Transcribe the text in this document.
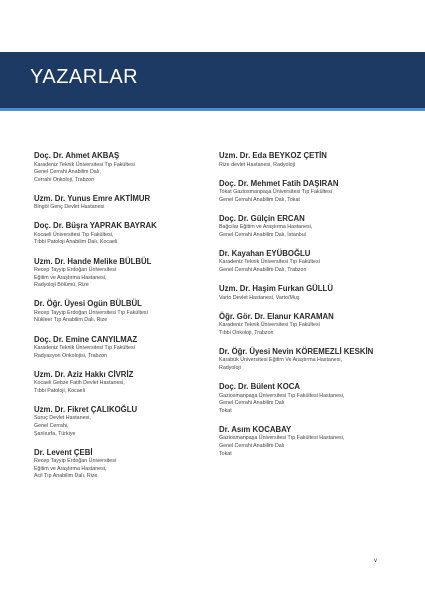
YAZARLAR
Doç. Dr. Ahmet AKBAŞ
Karadeniz Teknik Üniversitesi Tıp Fakültesi
Genel Cerrahi Anabilim Dalı,
Cerrahi Onkoloji, Trabzon
Uzm. Dr. Yunus Emre AKTİMUR
Bingöl Genç Devlet Hastanesi
Doç. Dr. Büşra YAPRAK BAYRAK
Kocaeli Üniversitesi Tıp Fakültesi,
Tıbbi Patoloji Anabilim Dalı, Kocaeli
Uzm. Dr. Hande Melike BÜLBÜL
Recep Tayyip Erdoğan Üniversitesi
Eğitim ve Araştırma Hastanesi,
Radyoloji Bölümü, Rize
Dr. Öğr. Üyesi Ogün BÜLBÜL
Recep Tayyip Erdoğan Üniversitesi Tıp Fakültesi
Nükleer Tıp Anabilim Dalı, Rize
Doç. Dr. Emine CANYILMAZ
Karadeniz Teknik Üniversitesi Tıp Fakültesi
Radyasyon Onkolojisi, Trabzon
Uzm. Dr. Aziz Hakkı CİVRİZ
Kocaeli Gebze Fatih Devlet Hastanesi,
Tıbbi Patoloji, Kocaeli
Uzm. Dr. Fikret ÇALIKOĞLU
Suruç Devlet Hastanesi,
Genel Cerrahi,
Şanlıurfa, Türkiye
Dr. Levent ÇEBİ
Recep Tayyip Erdoğan Üniversitesi
Eğitim ve Araştırma Hastanesi,
Acil Tıp Anabilim Dalı, Rize
Uzm. Dr. Eda BEYKOZ ÇETİN
Rize devlet Hastanesi, Radyoloji
Doç. Dr. Mehmet Fatih DAŞIRAN
Tokat Gaziosmanpaşa Üniversitesi Tıp Fakültesi
Genel Cerrahi Anabilim Dalı, Tokat
Doç. Dr. Gülçin ERCAN
Bağcılar Eğitim ve Araştırma Hastanesi,
Genel Cerrahi Anabilim Dalı, İstanbul
Dr. Kayahan EYÜBOĞLU
Karadeniz Teknik Üniversitesi Tıp Fakültesi
Genel Cerrahi Anabilim Dalı, Trabzon
Uzm. Dr. Haşim Furkan GÜLLÜ
Varto Devlet Hastanesi, Varto/Muş
Öğr. Gör. Dr. Elanur KARAMAN
Karadeniz Teknik Üniversitesi Tıp Fakültesi
Tıbbi Onkoloji, Trabzon
Dr. Öğr. Üyesi Nevin KÖREMEZLİ KESKİN
Karabük Üniversitesi Eğitim Ve Araştırma Hastanesi,
Radyoloji
Doç. Dr. Bülent KOCA
Gaziosmanpaşa Üniversitesi Tıp Fakültesi Hastanesi,
Genel Cerrahi Anabilim Dalı
Tokat
Dr. Asım KOCABAY
Gaziosmanpaşa Üniversitesi Tıp Fakültesi Hastanesi,
Genel Cerrahi Anabilim Dalı
Tokat
v
